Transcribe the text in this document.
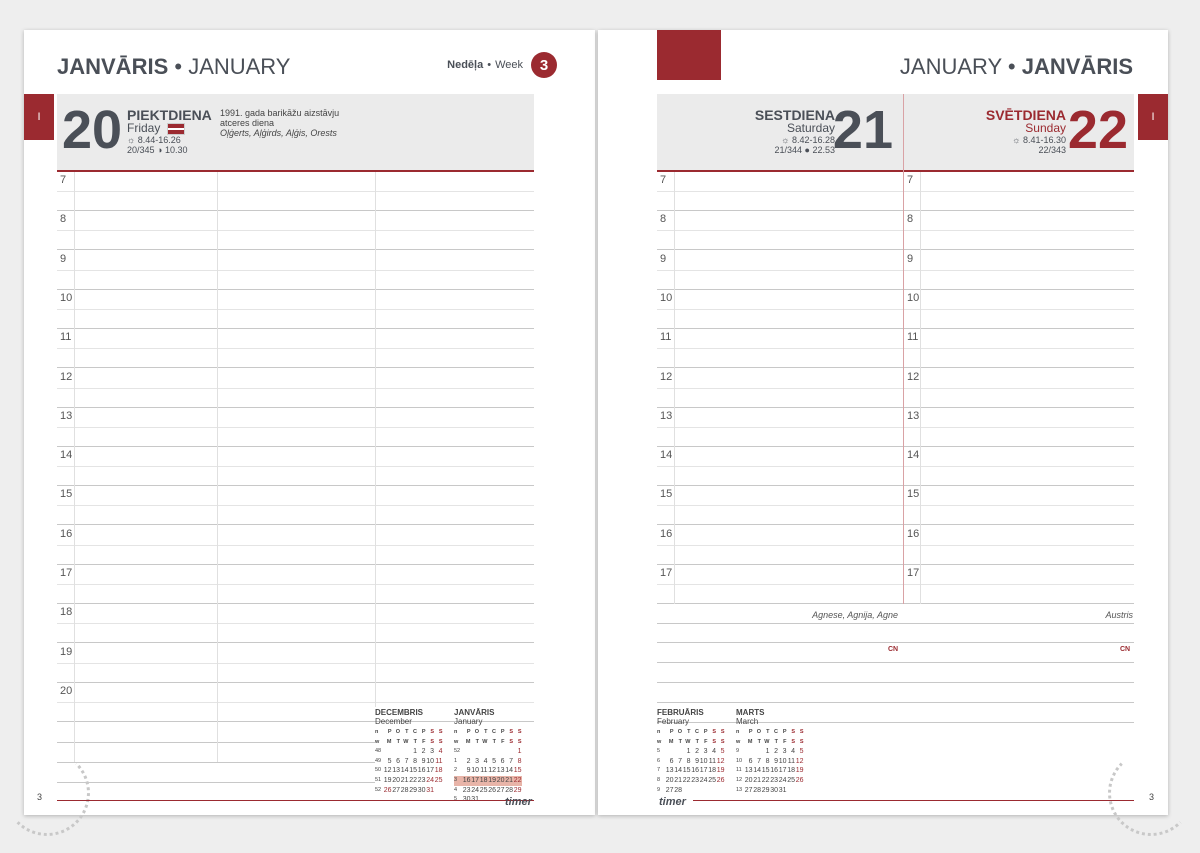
JANVĀRIS • JANUARY	Nedēļa • Week	3
I 20 PIEKTDIENA
Friday
☼ 8.44-16.26
20/345 ◑ 10.30
1991. gada barikāžu aizstāvju
atceres diena
Oļģerts, Aļģirds, Aļģis, Orests
7
8
9
10
11
12
13
14
15
16
17
18
19
20
DECEMBRIS
December
n	P	O	T	C	P	S	S
w	M	T	W	T	F	S	S
48				1	2	3	4
49	5	6	7	8	9	10	11
50	12	13	14	15	16	17	18
51	19	20	21	22	23	24	25
52	26	27	28	29	30	31	
JANVĀRIS
January
n	P	O	T	C	P	S	S
w	M	T	W	T	F	S	S
52							1
1	2	3	4	5	6	7	8
2	9	10	11	12	13	14	15
3	16	17	18	19	20	21	22
4	23	24	25	26	27	28	29
5	30	31					
3	timer
JANUARY • JANVĀRIS
I
21
SESTDIENA
Saturday
☼ 8.42-16.28
21/344 ● 22.53	22
SVĒTDIENA
Sunday
☼ 8.41-16.30
22/343
7	7
8	8
9	9
10	10
11	11
12	12
13	13
14	14
15	15
16	16
17	17
Agnese, Agnija, Agne	Austris
CN	CN
FEBRUĀRIS
February
n	P	O	T	C	P	S	S
w	M	T	W	T	F	S	S
5			1	2	3	4	5
6	6	7	8	9	10	11	12
7	13	14	15	16	17	18	19
8	20	21	22	23	24	25	26
9	27	28					
MARTS
March
n	P	O	T	C	P	S	S
w	M	T	W	T	F	S	S
9			1	2	3	4	5
10	6	7	8	9	10	11	12
11	13	14	15	16	17	18	19
12	20	21	22	23	24	25	26
13	27	28	29	30	31		
3
timer
